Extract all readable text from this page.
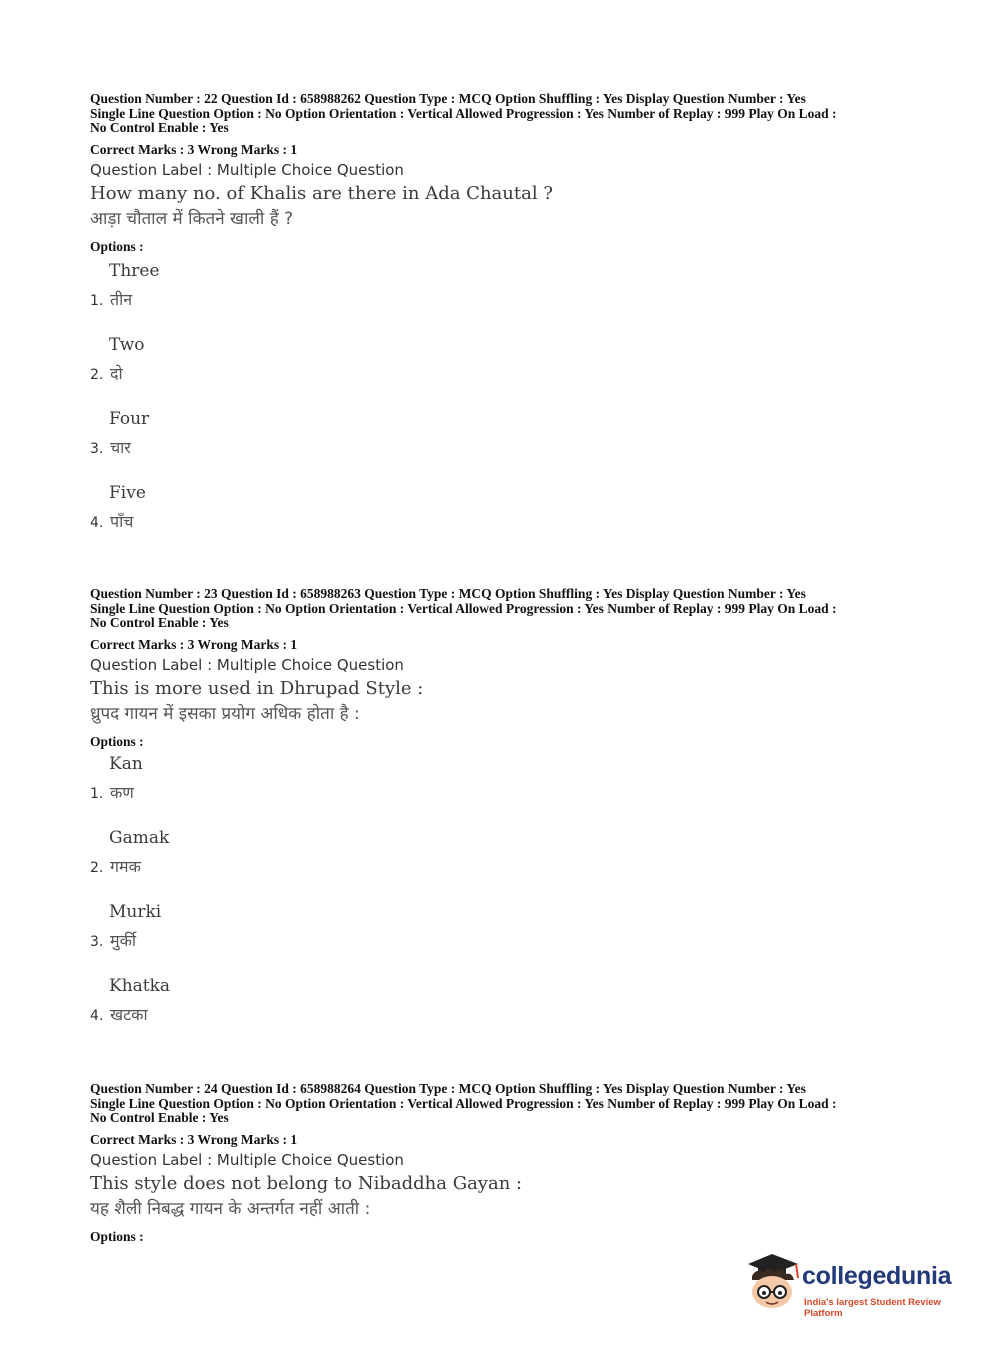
Question Number : 22 Question Id : 658988262 Question Type : MCQ Option Shuffling : Yes Display Question Number : Yes
Single Line Question Option : No Option Orientation : Vertical Allowed Progression : Yes Number of Replay : 999 Play On Load :
No Control Enable : Yes
Correct Marks : 3 Wrong Marks : 1
Question Label : Multiple Choice Question
How many no. of Khalis are there in Ada Chautal ?
आड़ा चौताल में कितने खाली हैं ?
Options :
Three
1. तीन
Two
2. दो
Four
3. चार
Five
4. पाँच
Question Number : 23 Question Id : 658988263 Question Type : MCQ Option Shuffling : Yes Display Question Number : Yes
Single Line Question Option : No Option Orientation : Vertical Allowed Progression : Yes Number of Replay : 999 Play On Load :
No Control Enable : Yes
Correct Marks : 3 Wrong Marks : 1
Question Label : Multiple Choice Question
This is more used in Dhrupad Style :
ध्रुपद गायन में इसका प्रयोग अधिक होता है :
Options :
Kan
1. कण
Gamak
2. गमक
Murki
3. मुर्की
Khatka
4. खटका
Question Number : 24 Question Id : 658988264 Question Type : MCQ Option Shuffling : Yes Display Question Number : Yes
Single Line Question Option : No Option Orientation : Vertical Allowed Progression : Yes Number of Replay : 999 Play On Load :
No Control Enable : Yes
Correct Marks : 3 Wrong Marks : 1
Question Label : Multiple Choice Question
This style does not belong to Nibaddha Gayan :
यह शैली निबद्ध गायन के अन्तर्गत नहीं आती :
Options :
collegedunia
India's largest Student Review Platform
